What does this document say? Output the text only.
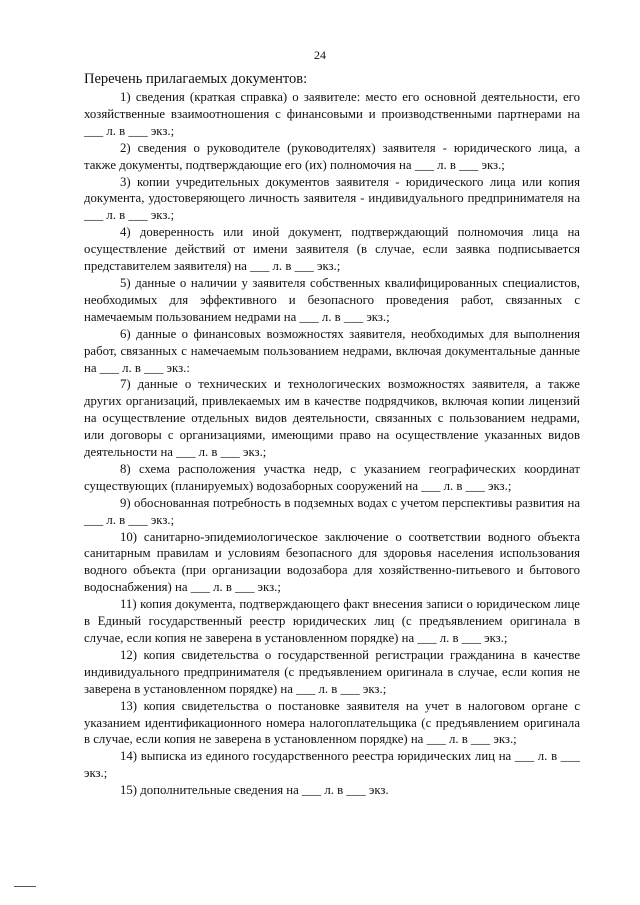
24

Перечень прилагаемых документов:

1) сведения (краткая справка) о заявителе: место его основной деятельности, его хозяйственные взаимоотношения с финансовыми и производственными партнерами на ___ л. в ___ экз.;

2) сведения о руководителе (руководителях) заявителя - юридического лица, а также документы, подтверждающие его (их) полномочия на ___ л. в ___ экз.;

3) копии учредительных документов заявителя - юридического лица или копия документа, удостоверяющего личность заявителя - индивидуального предпринимателя на ___ л. в ___ экз.;

4) доверенность или иной документ, подтверждающий полномочия лица на осуществление действий от имени заявителя (в случае, если заявка подписывается представителем заявителя) на ___ л. в ___ экз.;

5) данные о наличии у заявителя собственных квалифицированных специалистов, необходимых для эффективного и безопасного проведения работ, связанных с намечаемым пользованием недрами на ___ л. в ___ экз.;

6) данные о финансовых возможностях заявителя, необходимых для выполнения работ, связанных с намечаемым пользованием недрами, включая документальные данные на ___ л. в ___ экз.:

7) данные о технических и технологических возможностях заявителя, а также других организаций, привлекаемых им в качестве подрядчиков, включая копии лицензий на осуществление отдельных видов деятельности, связанных с пользованием недрами, или договоры с организациями, имеющими право на осуществление указанных видов деятельности на ___ л. в ___ экз.;

8) схема расположения участка недр, с указанием географических координат существующих (планируемых) водозаборных сооружений на ___ л. в ___ экз.;

9) обоснованная потребность в подземных водах с учетом перспективы развития на ___ л. в ___ экз.;

10) санитарно-эпидемиологическое заключение о соответствии водного объекта санитарным правилам и условиям безопасного для здоровья населения использования водного объекта (при организации водозабора для хозяйственно-питьевого и бытового водоснабжения) на ___ л. в ___ экз.;

11) копия документа, подтверждающего факт внесения записи о юридическом лице в Единый государственный реестр юридических лиц (с предъявлением оригинала в случае, если копия не заверена в установленном порядке) на ___ л. в ___ экз.;

12) копия свидетельства о государственной регистрации гражданина в качестве индивидуального предпринимателя (с предъявлением оригинала в случае, если копия не заверена в установленном порядке) на ___ л. в ___ экз.;

13) копия свидетельства о постановке заявителя на учет в налоговом органе с указанием идентификационного номера налогоплательщика (с предъявлением оригинала в случае, если копия не заверена в установленном порядке) на ___ л. в ___ экз.;

14) выписка из единого государственного реестра юридических лиц на ___ л. в ___ экз.;

15) дополнительные сведения на ___ л. в ___ экз.
